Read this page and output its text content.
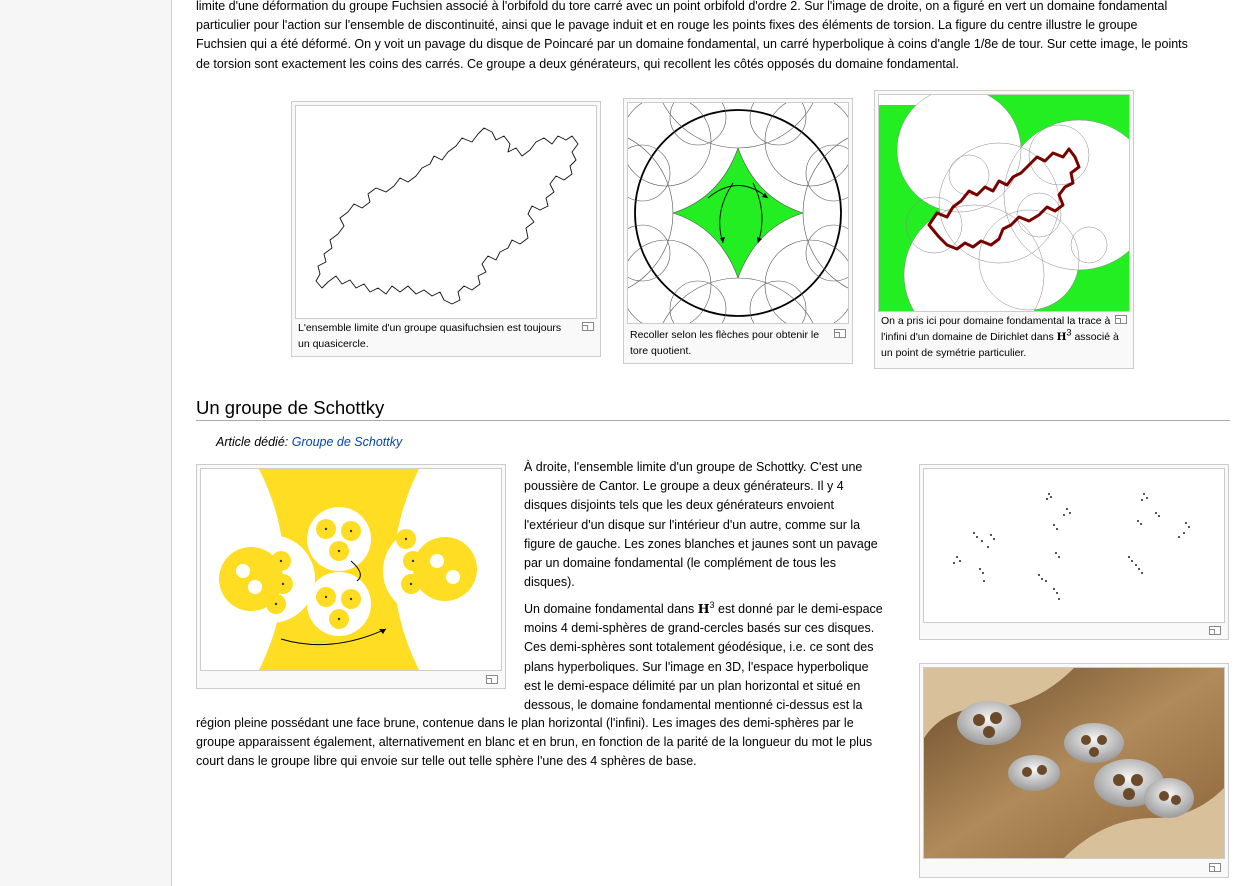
limite d'une déformation du groupe Fuchsien associé à l'orbifold du tore carré avec un point orbifold d'ordre 2. Sur l'image de droite, on a figuré en vert un domaine fondamental
particulier pour l'action sur l'ensemble de discontinuité, ainsi que le pavage induit et en rouge les points fixes des éléments de torsion. La figure du centre illustre le groupe
Fuchsien qui a été déformé. On y voit un pavage du disque de Poincaré par un domaine fondamental, un carré hyperbolique à coins d'angle 1/8e de tour. Sur cette image, le points
de torsion sont exactement les coins des carrés. Ce groupe a deux générateurs, qui recollent les côtés opposés du domaine fondamental.
L'ensemble limite d'un groupe quasifuchsien est toujours un quasicercle.
Recoller selon les flèches pour obtenir le tore quotient.
On a pris ici pour domaine fondamental la trace à l'infini d'un domaine de Dirichlet dans $H^3$ associé à un point de symétrie particulier.
Un groupe de Schottky
Article dédié: Groupe de Schottky
À droite, l'ensemble limite d'un groupe de Schottky. C'est une
poussière de Cantor. Le groupe a deux générateurs. Il y 4
disques disjoints tels que les deux générateurs envoient
l'extérieur d'un disque sur l'intérieur d'un autre, comme sur la
figure de gauche. Les zones blanches et jaunes sont un pavage
par un domaine fondamental (le complément de tous les
disques).
Un domaine fondamental dans $H^3$ est donné par le demi-espace
moins 4 demi-sphères de grand-cercles basés sur ces disques.
Ces demi-sphères sont totalement géodésique, i.e. ce sont des
plans hyperboliques. Sur l'image en 3D, l'espace hyperbolique
est le demi-espace délimité par un plan horizontal et situé en
dessous, le domaine fondamental mentionné ci-dessus est la
région pleine possédant une face brune, contenue dans le plan horizontal (l'infini). Les images des demi-sphères par le
groupe apparaissent également, alternativement en blanc et en brun, en fonction de la parité de la longueur du mot le plus
court dans le groupe libre qui envoie sur telle out telle sphère l'une des 4 sphères de base.
